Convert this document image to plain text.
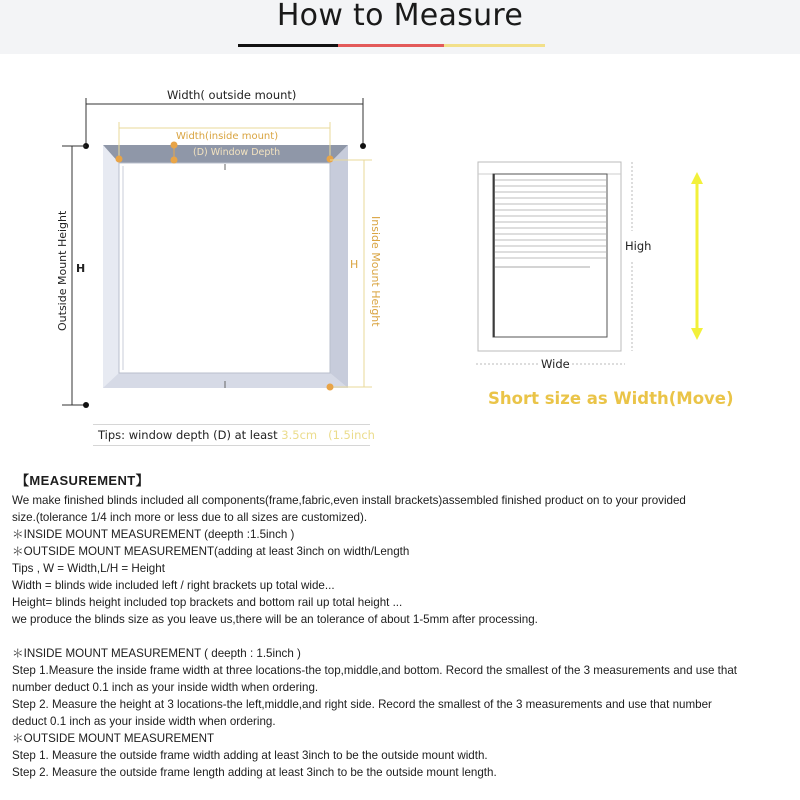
How to Measure
Width( outside mount)
Width(inside mount)
(D) Window Depth
Outside Mount Height H	Inside Mount Height
H
Tips: window depth (D) at least 3.5cm (1.5inch
High
Wide
Short size as Width(Move)
【MEASUREMENT】
We make finished blinds included all components(frame,fabric,even install brackets)assembled finished product on to your provided
size.(tolerance 1/4 inch more or less due to all sizes are customized).
＊INSIDE MOUNT MEASUREMENT (deepth :1.5inch )
＊OUTSIDE MOUNT MEASUREMENT(adding at least 3inch on width/Length
Tips , W = Width,L/H = Height
Width = blinds wide included left / right brackets up total wide...
Height= blinds height included top brackets and bottom rail up total height ...
we produce the blinds size as you leave us,there will be an tolerance of about 1-5mm after processing.
＊INSIDE MOUNT MEASUREMENT ( deepth : 1.5inch )
Step 1.Measure the inside frame width at three locations-the top,middle,and bottom. Record the smallest of the 3 measurements and use that
number deduct 0.1 inch as your inside width when ordering.
Step 2. Measure the height at 3 locations-the left,middle,and right side. Record the smallest of the 3 measurements and use that number
deduct 0.1 inch as your inside width when ordering.
＊OUTSIDE MOUNT MEASUREMENT
Step 1. Measure the outside frame width adding at least 3inch to be the outside mount width.
Step 2. Measure the outside frame length adding at least 3inch to be the outside mount length.
